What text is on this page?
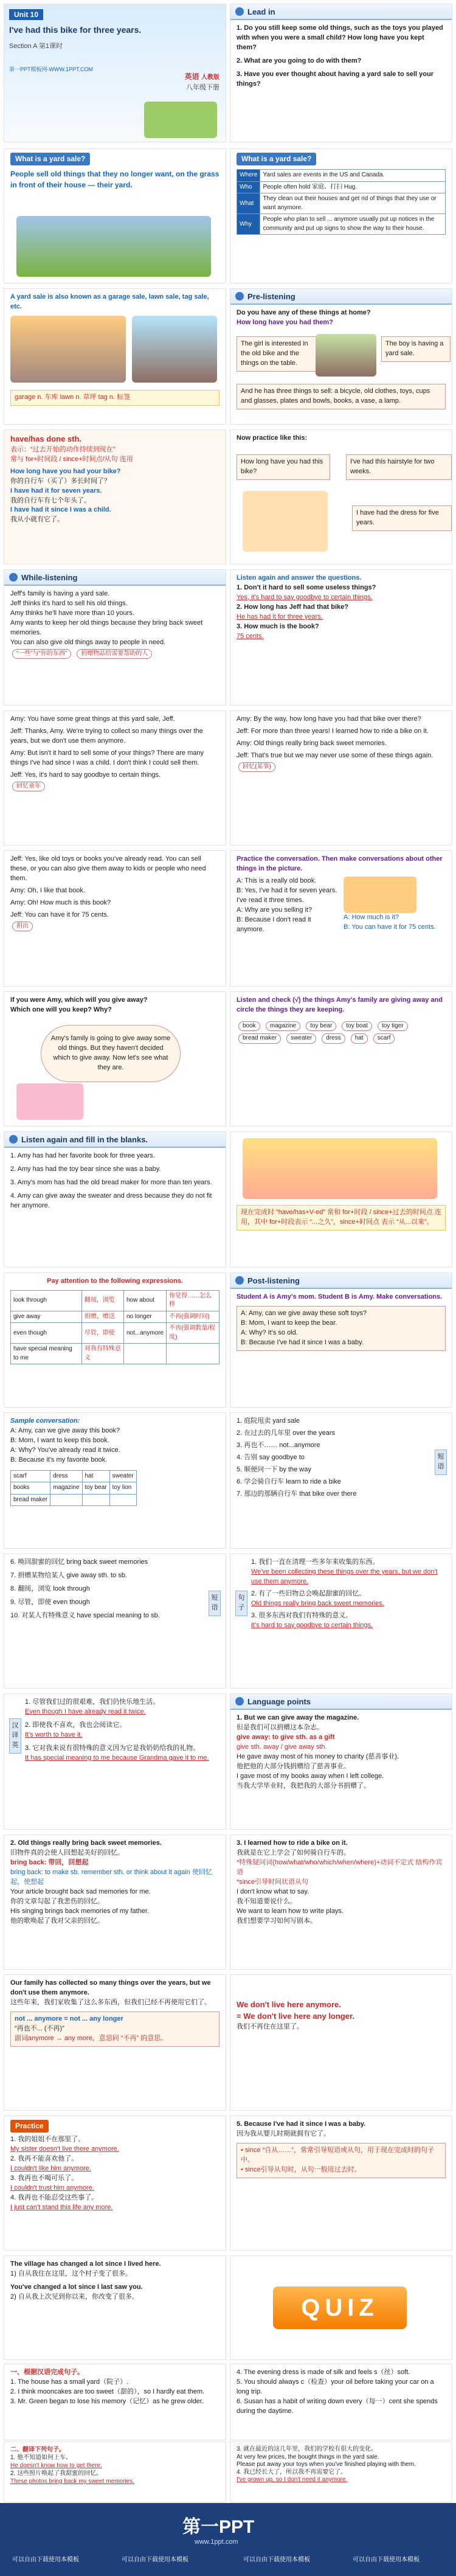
Unit 10
I've had this bike for three years.
Section A 第1课时
第一PPT模板网-WWW.1PPT.COM
英语 人教版
八年级下册
Lead in
1. Do you still keep some old things, such as the toys you played with when you were a small child? How long have you kept them?
2. What are you going to do with them?
3. Have you ever thought about having a yard sale to sell your things?
What is a yard sale?
People sell old things that they no longer want, on the grass in front of their house — their yard.
What is a yard sale?
Where	Yard sales are events in the US and Canada.
Who	People often hold 家庭、打扫 Hug.
What	They clean out their houses and get rid of things that they use or want anymore.
Why	People who plan to sell ... anymore usually put up notices in the community and put up signs to show the way to their house.
A yard sale is also known as a garage sale, lawn sale, tag sale, etc.
garage n. 车库 lawn n. 草坪 tag n. 标签
Pre-listening
Do you have any of these things at home?
How long have you had them?
The girl is interested in the old bike and the things on the table.
The boy is having a yard sale.
And he has three things to sell: a bicycle, old clothes, toys, cups and glasses, plates and bowls, books, a vase, a lamp.
have/has done sth.
表示：“过去开始的动作持续到现在”
常与 for+时间段 / since+时间点/从句 连用
How long have you had your bike?
你的自行车（买了）多长时间了？
I have had it for seven years.
我的自行车有七个年头了。
I have had it since I was a child.
我从小就有它了。
Now practice like this:
How long have you had this bike?
I've had this hairstyle for two weeks.
I have had the dress for five years.
While-listening
Jeff's family is having a yard sale.
Jeff thinks it's hard to sell his old things.
Amy thinks he'll have more than 10 yours.
Amy wants to keep her old things because they bring back sweet memories.
You can also give old things away to people in need.
“一些”与“你的东西” 捐赠物品给需要帮助的人
Listen again and answer the questions.
1. Don't it hard to sell some useless things?
Yes, it's hard to say goodbye to certain things.
2. How long has Jeff had that bike?
He has had it for three years.
3. How much is the book?
75 cents.
Amy: You have some great things at this yard sale, Jeff.
Jeff: Thanks, Amy. We're trying to collect so many things over the years, but we don't use them anymore.
Amy: But isn't it hard to sell some of your things? There are many things I've had since I was a child. I don't think I could sell them.
Jeff: Yes, it's hard to say goodbye to certain things.
回忆童年
Amy: By the way, how long have you had that bike over there?
Jeff: For more than three years! I learned how to ride a bike on it.
Amy: Old things really bring back sweet memories.
Jeff: That's true but we may never use some of these things again.
回忆(某事)
Jeff: Yes, like old toys or books you've already read. You can sell these, or you can also give them away to kids or people who need them.
Amy: Oh, I like that book.
Amy: Oh! How much is this book?
Jeff: You can have it for 75 cents.
捐出
Practice the conversation. Then make conversations about other things in the picture.
A: This is a really old book.
B: Yes, I've had it for seven years. I've read it three times.
A: Why are you selling it?
B: Because I don't read it anymore.
A: How much is it?
B: You can have it for 75 cents.
If you were Amy, which will you give away?
Which one will you keep? Why?
Amy's family is going to give away some old things. But they haven't decided which to give away. Now let's see what they are.
Listen and check (√) the things Amy's family are giving away and circle the things they are keeping.
book magazine toy bear toy boat toy tiger bread maker sweater dress hat scarf
Listen again and fill in the blanks.
1. Amy has had her favorite book for three years.
2. Amy has had the toy bear since she was a baby.
3. Amy's mom has had the old bread maker for more than ten years.
4. Amy can give away the sweater and dress because they do not fit her anymore.
现在完成时 “have/has+V-ed” 常和 for+时段 / since+过去的时间点 连用，其中 for+时段表示 “...之久”，since+时间点 表示 “从...以来”。
Pay attention to the following expressions.
look through	翻阅，浏览	how about	你觉得……怎么样
give away	捐赠，赠送	no longer	不再(强调时间)
even though	尽管，即使	not...anymore	不再(强调数量/程度)
have special meaning to me	对我有特殊意义		
Post-listening
Student A is Amy's mom. Student B is Amy. Make conversations.
A: Amy, can we give away these soft toys?
B: Mom, I want to keep the bear.
A: Why? It's so old.
B: Because I've had it since I was a baby.
Sample conversation:
A: Amy, can we give away this book?
B: Mom, I want to keep this book.
A: Why? You've already read it twice.
B: Because it's my favorite book.
scarf	dress	hat	sweater
books	magazine	toy bear	toy lion
bread maker			
1. 庭院甩卖 yard sale
2. 在过去的几年里 over the years
3. 再也不…… not...anymore
4. 告别 say goodbye to
5. 顺便问一下 by the way
6. 学会骑自行车 learn to ride a bike
7. 那边的那辆自行车 that bike over there
短语
6. 唤回甜蜜的回忆 bring back sweet memories
7. 捐赠某物给某人 give away sth. to sb.
8. 翻阅，浏览 look through
9. 尽管，即使 even though
10. 对某人有特殊意义 have special meaning to sb.
短语
句子
1. 我们一直在清理一些多年来收集的东西。
We've been collecting these things over the years, but we don't use them anymore.
2. 有了一些旧物总会唤起甜蜜的回忆。
Old things really bring back sweet memories.
3. 很多东西对我们有特殊的意义。
It's hard to say goodbye to certain things.
汉译英
1. 尽管我们过的很艰难，我们仍快乐地生活。
Even though I have already read it twice.
2. 即使我不喜欢，我也会阅读它。
It's worth to have it.
3. 它对我来说有很特殊的意义因为它是我奶奶给我的礼物。
It has special meaning to me because Grandma gave it to me.
Language points
1. But we can give away the magazine.
但是我们可以捐赠这本杂志。
give away: to give sth. as a gift
give sth. away / give away sth.
He gave away most of his money to charity (慈善事业).
他把他的大部分钱捐赠给了慈善事业。
I gave most of my books away when I left college.
当我大学毕业时，我把我的大部分书捐赠了。
2. Old things really bring back sweet memories.
旧物件真的会使人回想起美好的回忆。
bring back: 带回，回想起
bring back: to make sb. remember sth. or think about it again 使回忆起，使想起
Your article brought back sad memories for me.
你的文章勾起了我悲伤的回忆。
His singing brings back memories of my father.
他的歌唤起了我对父亲的回忆。
3. I learned how to ride a bike on it.
我就是在它上学会了如何骑自行车的。
*特殊疑问词(how/what/who/which/when/where)+动词不定式 结构作宾语
*since引导时间状语从句
I don't know what to say.
我不知道要说什么。
We want to learn how to write plays.
我们想要学习如何写剧本。
Our family has collected so many things over the years, but we don't use them anymore.
这些年来，我们家收集了这么多东西，但我们已经不再使用它们了。
not ... anymore = not ... any longer
“再也不... (不再)”
副词anymore → any more，意思同 “不再” 的意思。
We don't live here anymore.
= We don't live here any longer.
我们不再住在这里了。
Practice
1. 我的姐姐不在那里了。
My sister doesn't live there anymore.
2. 我再不能喜欢他了。
I couldn't like him anymore.
3. 我再也不喝可乐了。
I couldn't trust him anymore.
4. 我再也不能忍受这些事了。
I just can't stand this life any more.
5. Because I've had it since I was a baby.
因为我从婴儿时期就拥有它了。
• since “自从……”，常常引导短语或从句，用于现在完成时的句子中。
• since引导从句时，从句一般用过去时。
The village has changed a lot since I lived here.
1) 自从我住在这里，这个村子变了很多。
You've changed a lot since I last saw you.
2) 自从我上次见到你以来，你改变了很多。	QUIZ
一、根据汉语完成句子。
1. The house has a small yard（院子）.
2. I think mooncakes are too sweet（甜的），so I hardly eat them.
3. Mr. Green began to lose his memory（记忆）as he grew older.
4. The evening dress is made of silk and feels s（丝）soft.
5. You should always c（检查）your oil before taking your car on a long trip.
6. Susan has a habit of writing down every（每一）cent she spends during the daytime.
二、翻译下列句子。
1. 他不知道如何上车。
He doesn't know how to get there.
2. 这些照片唤起了我甜蜜的回忆。
These photos bring back my sweet memories.
3. 就在最近的这几年里，我们的学校有很大的变化。
At very few prices, the bought things in the yard sale.
Please put away your toys when you've finished playing with them.
4. 我已经长大了，所以我不再需要它了。
I've grown up, so I don't need it anymore.
第一PPT
www.1ppt.com
可以自由下载使用本模板	可以自由下载使用本模板	可以自由下载使用本模板	可以自由下载使用本模板
